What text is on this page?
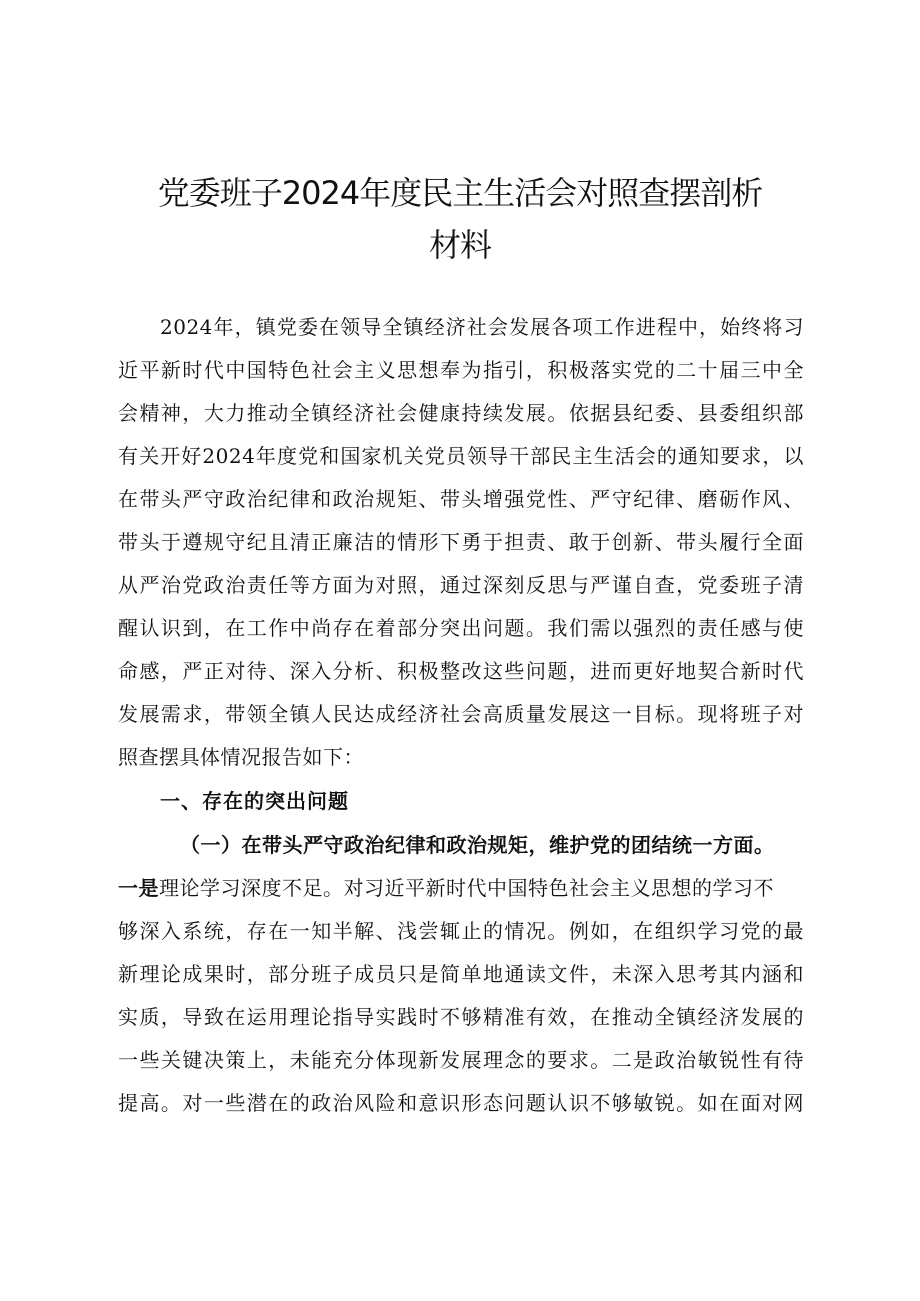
党委班子2024年度民主生活会对照查摆剖析
材料
2024年，镇党委在领导全镇经济社会发展各项工作进程中，始终将习
近平新时代中国特色社会主义思想奉为指引，积极落实党的二十届三中全
会精神，大力推动全镇经济社会健康持续发展。依据县纪委、县委组织部
有关开好2024年度党和国家机关党员领导干部民主生活会的通知要求，以
在带头严守政治纪律和政治规矩、带头增强党性、严守纪律、磨砺作风、
带头于遵规守纪且清正廉洁的情形下勇于担责、敢于创新、带头履行全面
从严治党政治责任等方面为对照，通过深刻反思与严谨自查，党委班子清
醒认识到，在工作中尚存在着部分突出问题。我们需以强烈的责任感与使
命感，严正对待、深入分析、积极整改这些问题，进而更好地契合新时代
发展需求，带领全镇人民达成经济社会高质量发展这一目标。现将班子对
照查摆具体情况报告如下：
一、存在的突出问题
（一）在带头严守政治纪律和政治规矩，维护党的团结统一方面。
一是理论学习深度不足。对习近平新时代中国特色社会主义思想的学习不
够深入系统，存在一知半解、浅尝辄止的情况。例如，在组织学习党的最
新理论成果时，部分班子成员只是简单地通读文件，未深入思考其内涵和
实质，导致在运用理论指导实践时不够精准有效，在推动全镇经济发展的
一些关键决策上，未能充分体现新发展理念的要求。二是政治敏锐性有待
提高。对一些潜在的政治风险和意识形态问题认识不够敏锐。如在面对网
